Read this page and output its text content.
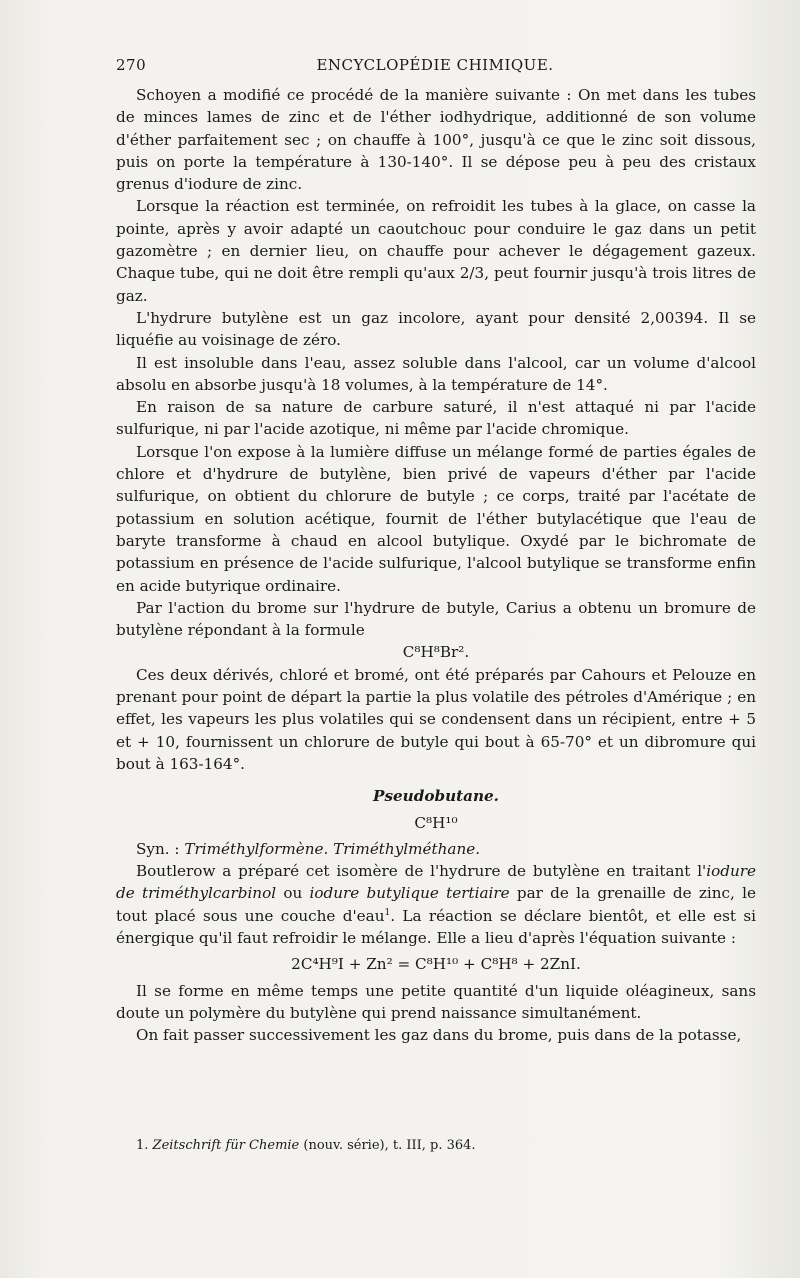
270	ENCYCLOPÉDIE CHIMIQUE.

Schoyen a modifié ce procédé de la manière suivante : On met dans les tubes de minces lames de zinc et de l'éther iodhydrique, additionné de son volume d'éther parfaitement sec ; on chauffe à 100°, jusqu'à ce que le zinc soit dissous, puis on porte la température à 130-140°. Il se dépose peu à peu des cristaux grenus d'iodure de zinc.

Lorsque la réaction est terminée, on refroidit les tubes à la glace, on casse la pointe, après y avoir adapté un caoutchouc pour conduire le gaz dans un petit gazomètre ; en dernier lieu, on chauffe pour achever le dégagement gazeux. Chaque tube, qui ne doit être rempli qu'aux 2/3, peut fournir jusqu'à trois litres de gaz.

L'hydrure butylène est un gaz incolore, ayant pour densité 2,00394. Il se liquéfie au voisinage de zéro.

Il est insoluble dans l'eau, assez soluble dans l'alcool, car un volume d'alcool absolu en absorbe jusqu'à 18 volumes, à la température de 14°.

En raison de sa nature de carbure saturé, il n'est attaqué ni par l'acide sulfurique, ni par l'acide azotique, ni même par l'acide chromique.

Lorsque l'on expose à la lumière diffuse un mélange formé de parties égales de chlore et d'hydrure de butylène, bien privé de vapeurs d'éther par l'acide sulfurique, on obtient du chlorure de butyle ; ce corps, traité par l'acétate de potassium en solution acétique, fournit de l'éther butylacétique que l'eau de baryte transforme à chaud en alcool butylique. Oxydé par le bichromate de potassium en présence de l'acide sulfurique, l'alcool butylique se transforme enfin en acide butyrique ordinaire.

Par l'action du brome sur l'hydrure de butyle, Carius a obtenu un bromure de butylène répondant à la formule

C⁸H⁸Br².

Ces deux dérivés, chloré et bromé, ont été préparés par Cahours et Pelouze en prenant pour point de départ la partie la plus volatile des pétroles d'Amérique ; en effet, les vapeurs les plus volatiles qui se condensent dans un récipient, entre + 5 et + 10, fournissent un chlorure de butyle qui bout à 65-70° et un dibromure qui bout à 163-164°.

Pseudobutane.

C⁸H¹⁰

Syn. : Triméthylformène. Triméthylméthane.

Boutlerow a préparé cet isomère de l'hydrure de butylène en traitant l'iodure de triméthylcarbinol ou iodure butylique tertiaire par de la grenaille de zinc, le tout placé sous une couche d'eau$^1$. La réaction se déclare bientôt, et elle est si énergique qu'il faut refroidir le mélange. Elle a lieu d'après l'équation suivante :

2C⁴H⁹I + Zn² = C⁸H¹⁰ + C⁸H⁸ + 2ZnI.

Il se forme en même temps une petite quantité d'un liquide oléagineux, sans doute un polymère du butylène qui prend naissance simultanément.

On fait passer successivement les gaz dans du brome, puis dans de la potasse,

1. Zeitschrift für Chemie (nouv. série), t. III, p. 364.
